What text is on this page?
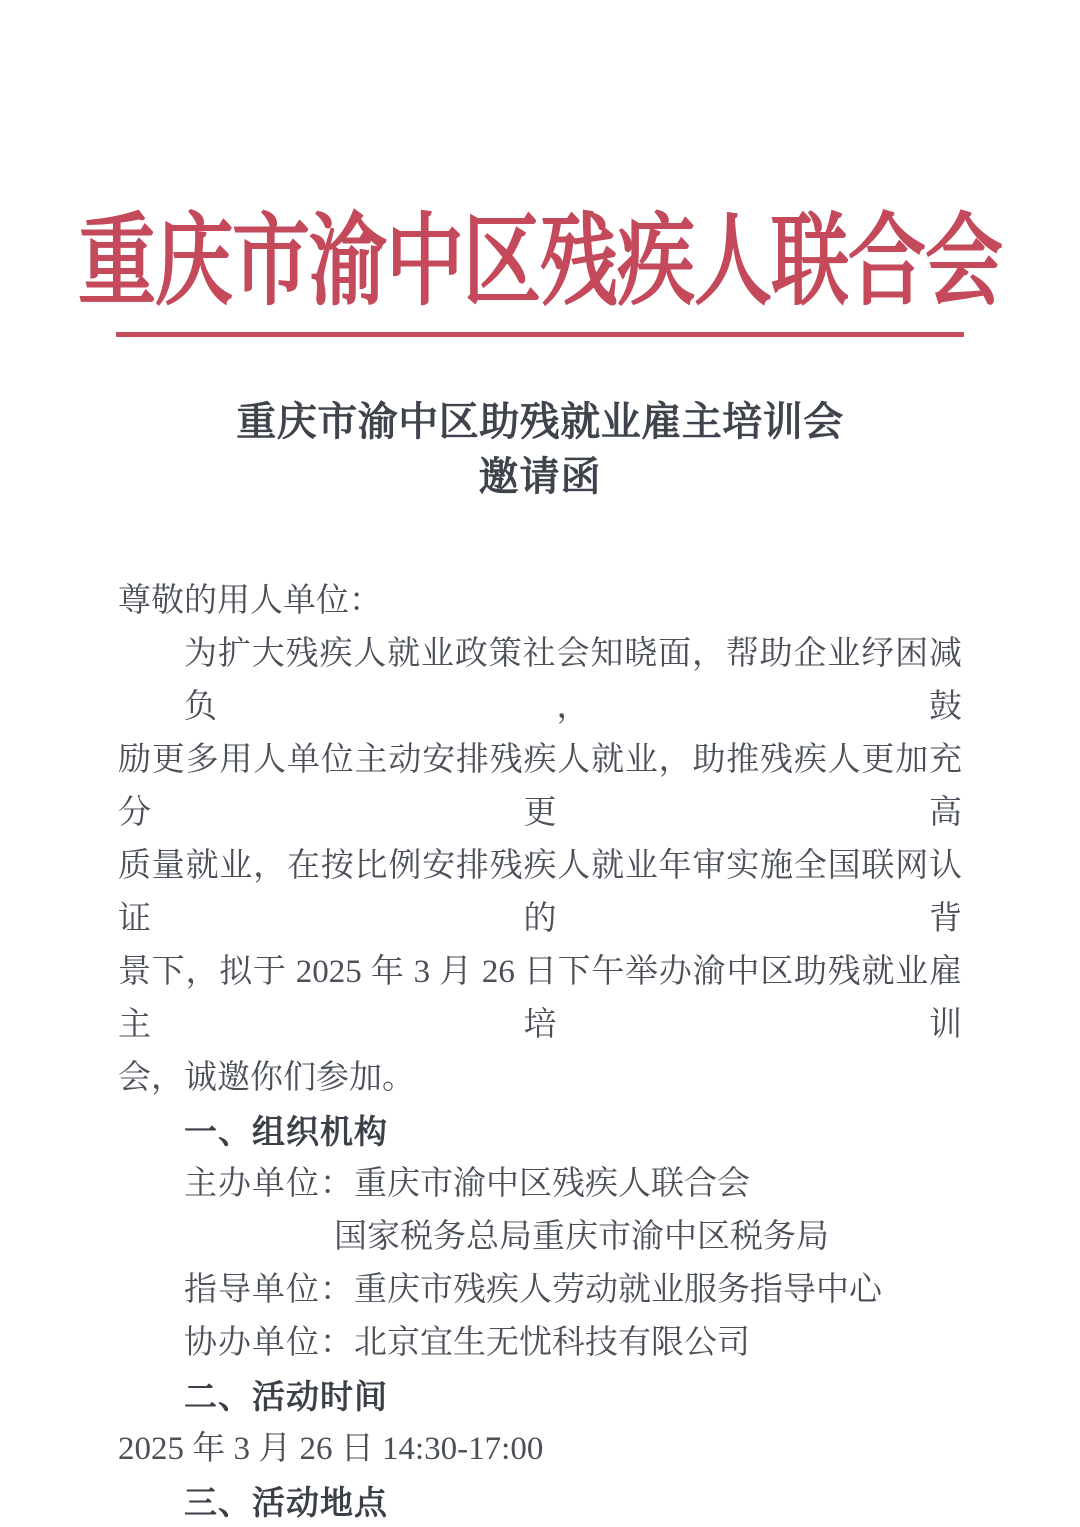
重庆市渝中区残疾人联合会
重庆市渝中区助残就业雇主培训会
邀请函
尊敬的用人单位：
为扩大残疾人就业政策社会知晓面，帮助企业纾困减负，鼓
励更多用人单位主动安排残疾人就业，助推残疾人更加充分更高
质量就业，在按比例安排残疾人就业年审实施全国联网认证的背
景下，拟于 2025 年 3 月 26 日下午举办渝中区助残就业雇主培训
会，诚邀你们参加。
一、组织机构
主办单位：重庆市渝中区残疾人联合会
国家税务总局重庆市渝中区税务局
指导单位：重庆市残疾人劳动就业服务指导中心
协办单位：北京宜生无忧科技有限公司
二、活动时间
2025 年 3 月 26 日 14:30-17:00
三、活动地点
